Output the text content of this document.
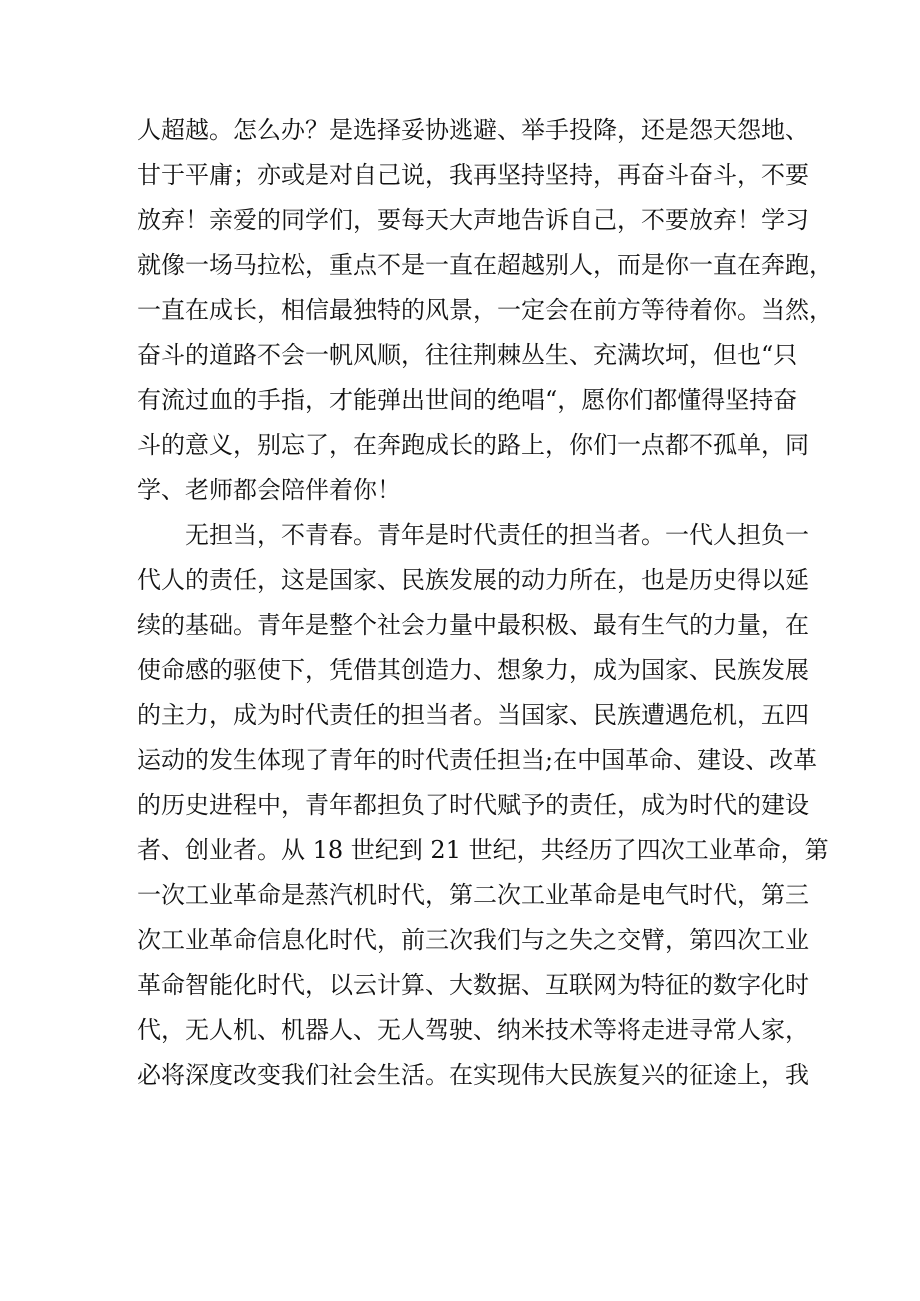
人超越。怎么办？是选择妥协逃避、举手投降，还是怨天怨地、
甘于平庸；亦或是对自己说，我再坚持坚持，再奋斗奋斗，不要
放弃！亲爱的同学们，要每天大声地告诉自己，不要放弃！学习
就像一场马拉松，重点不是一直在超越别人，而是你一直在奔跑，
一直在成长，相信最独特的风景，一定会在前方等待着你。当然，
奋斗的道路不会一帆风顺，往往荆棘丛生、充满坎坷，但也“只
有流过血的手指，才能弹出世间的绝唱“，愿你们都懂得坚持奋
斗的意义，别忘了，在奔跑成长的路上，你们一点都不孤单，同
学、老师都会陪伴着你！
无担当，不青春。青年是时代责任的担当者。一代人担负一
代人的责任，这是国家、民族发展的动力所在，也是历史得以延
续的基础。青年是整个社会力量中最积极、最有生气的力量，在
使命感的驱使下，凭借其创造力、想象力，成为国家、民族发展
的主力，成为时代责任的担当者。当国家、民族遭遇危机，五四
运动的发生体现了青年的时代责任担当;在中国革命、建设、改革
的历史进程中，青年都担负了时代赋予的责任，成为时代的建设
者、创业者。从 18 世纪到 21 世纪，共经历了四次工业革命，第
一次工业革命是蒸汽机时代，第二次工业革命是电气时代，第三
次工业革命信息化时代，前三次我们与之失之交臂，第四次工业
革命智能化时代，以云计算、大数据、互联网为特征的数字化时
代，无人机、机器人、无人驾驶、纳米技术等将走进寻常人家，
必将深度改变我们社会生活。在实现伟大民族复兴的征途上，我
